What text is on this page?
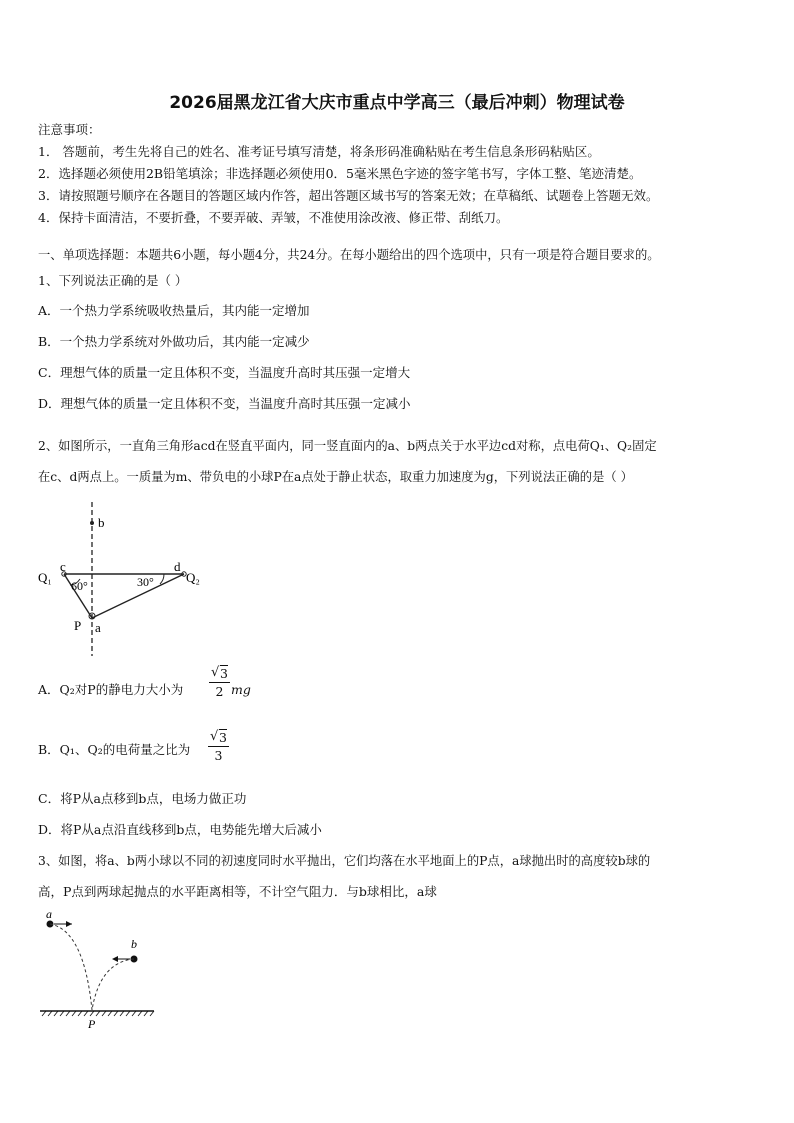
2026届黑龙江省大庆市重点中学高三（最后冲刺）物理试卷
注意事项：
1． 答题前，考生先将自己的姓名、准考证号填写清楚，将条形码准确粘贴在考生信息条形码粘贴区。
2．选择题必须使用2B铅笔填涂；非选择题必须使用0．5毫米黑色字迹的签字笔书写，字体工整、笔迹清楚。
3．请按照题号顺序在各题目的答题区域内作答，超出答题区域书写的答案无效；在草稿纸、试题卷上答题无效。
4．保持卡面清洁，不要折叠，不要弄破、弄皱，不准使用涂改液、修正带、刮纸刀。
一、单项选择题：本题共6小题，每小题4分，共24分。在每小题给出的四个选项中，只有一项是符合题目要求的。
1、下列说法正确的是（ ）
A．一个热力学系统吸收热量后，其内能一定增加
B．一个热力学系统对外做功后，其内能一定减少
C．理想气体的质量一定且体积不变，当温度升高时其压强一定增大
D．理想气体的质量一定且体积不变，当温度升高时其压强一定减小
2、如图所示，一直角三角形acd在竖直平面内，同一竖直面内的a、b两点关于水平边cd对称，点电荷Q₁、Q₂固定
在c、d两点上。一质量为m、带负电的小球P在a点处于静止状态，取重力加速度为g，下列说法正确的是（ ）
b
Q₁
c
60°	30°
d
Q₂
P a
A．Q₂对P的静电力大小为 √ $\frac{3}{2}$ mg
B．Q₁、Q₂的电荷量之比为 √ $\frac{3}{3}$
C．将P从a点移到b点，电场力做正功
D．将P从a点沿直线移到b点，电势能先增大后减小
3、如图，将a、b两小球以不同的初速度同时水平抛出，它们均落在水平地面上的P点，a球抛出时的高度较b球的
高，P点到两球起抛点的水平距离相等，不计空气阻力．与b球相比，a球
a
b
P
